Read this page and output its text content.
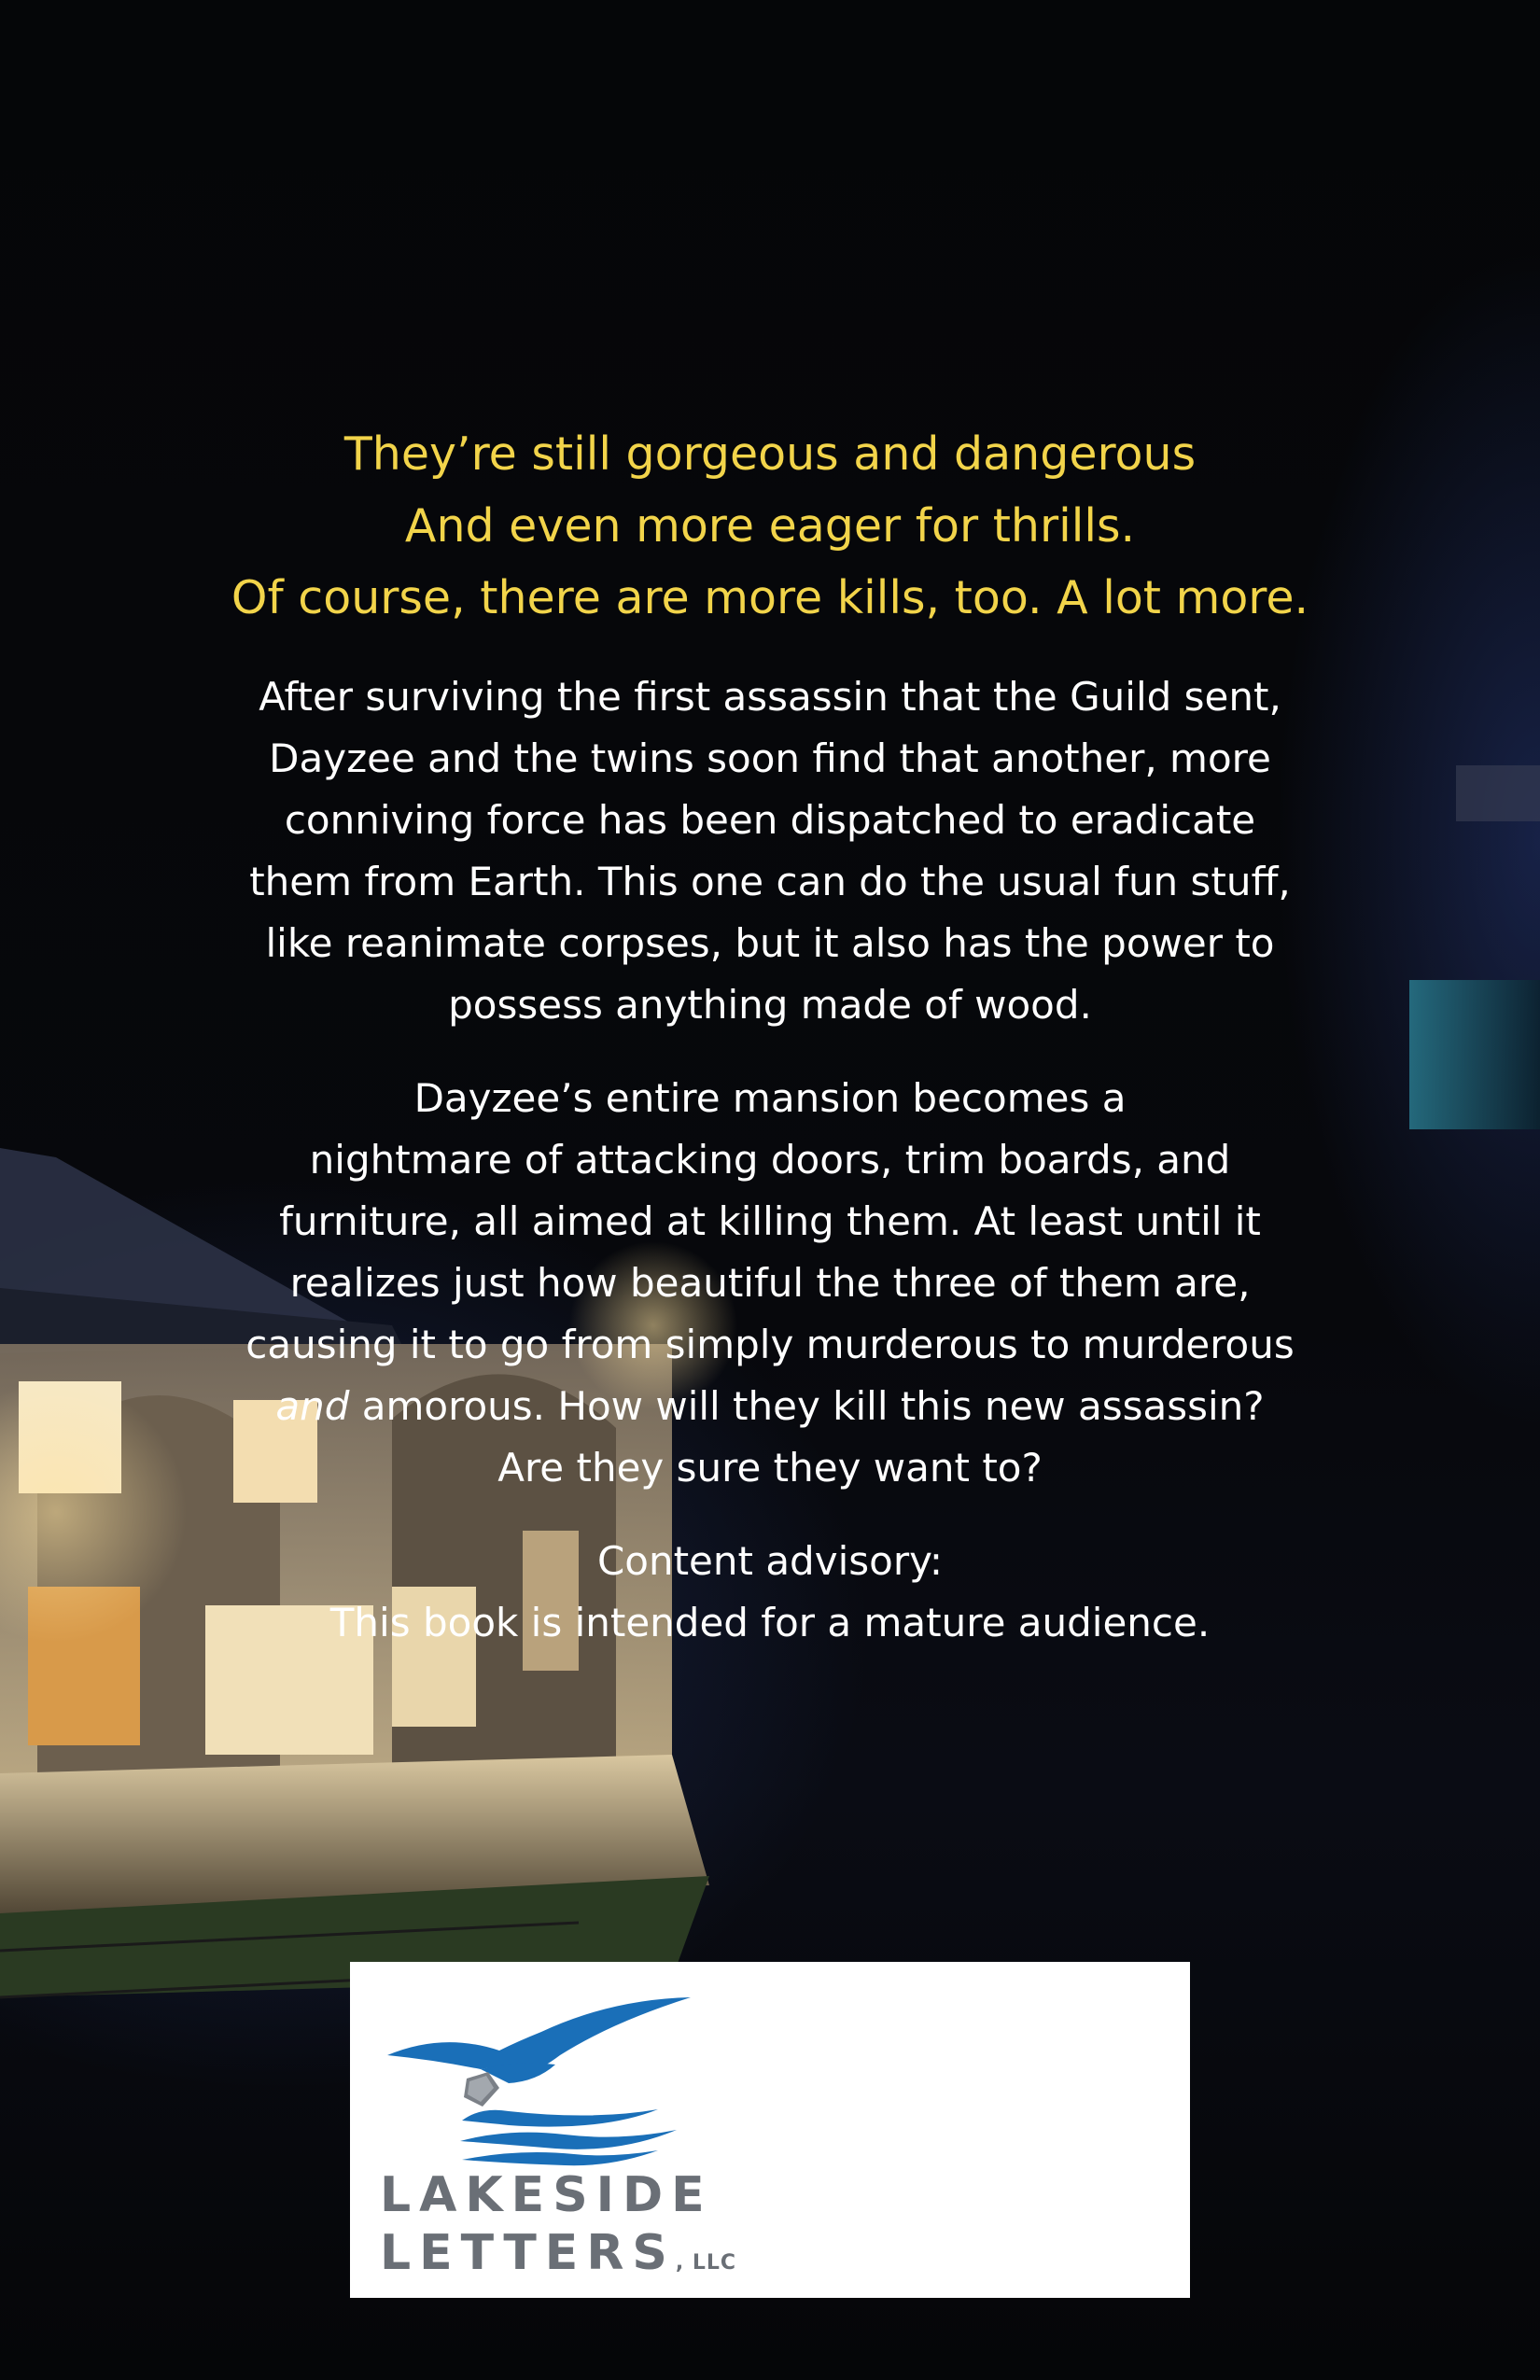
They’re still gorgeous and dangerous
And even more eager for thrills.
Of course, there are more kills, too. A lot more.
After surviving the first assassin that the Guild sent,
Dayzee and the twins soon find that another, more
conniving force has been dispatched to eradicate
them from Earth. This one can do the usual fun stuff,
like reanimate corpses, but it also has the power to
possess anything made of wood.
Dayzee’s entire mansion becomes a
nightmare of attacking doors, trim boards, and
furniture, all aimed at killing them. At least until it
realizes just how beautiful the three of them are,
causing it to go from simply murderous to murderous
and amorous. How will they kill this new assassin?
Are they sure they want to?
Content advisory:
This book is intended for a mature audience.
LAKESIDE
LETTERS, LLC
